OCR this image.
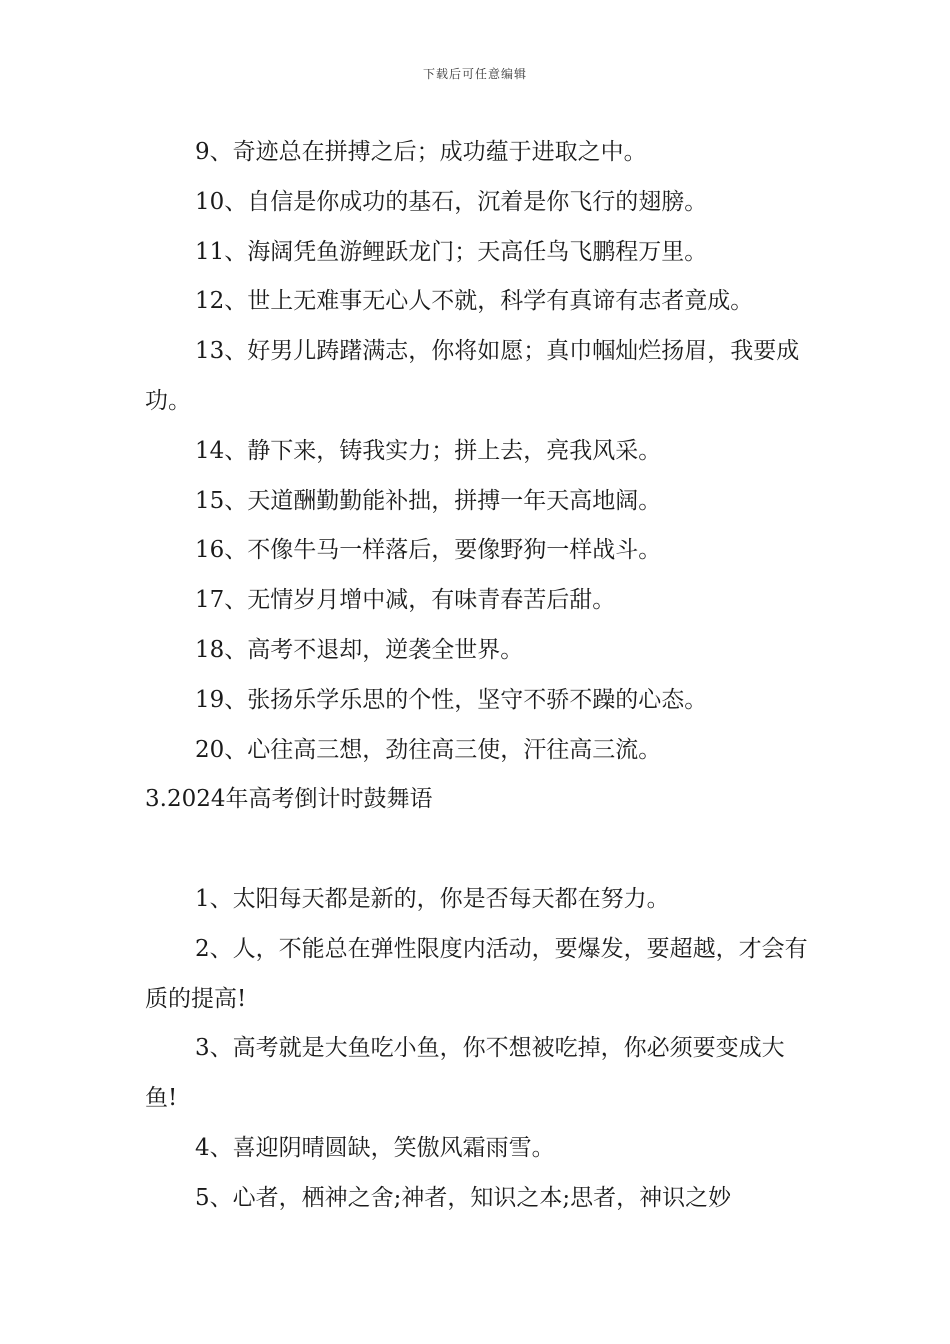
下载后可任意编辑

9、奇迹总在拼搏之后；成功蕴于进取之中。

10、自信是你成功的基石，沉着是你飞行的翅膀。

11、海阔凭鱼游鲤跃龙门；天高任鸟飞鹏程万里。

12、世上无难事无心人不就，科学有真谛有志者竟成。

13、好男儿踌躇满志，你将如愿；真巾帼灿烂扬眉，我要成功。

14、静下来，铸我实力；拼上去，亮我风采。

15、天道酬勤勤能补拙，拼搏一年天高地阔。

16、不像牛马一样落后，要像野狗一样战斗。

17、无情岁月增中减，有味青春苦后甜。

18、高考不退却，逆袭全世界。

19、张扬乐学乐思的个性，坚守不骄不躁的心态。

20、心往高三想，劲往高三使，汗往高三流。

3.2024年高考倒计时鼓舞语

1、太阳每天都是新的，你是否每天都在努力。

2、人，不能总在弹性限度内活动，要爆发，要超越，才会有质的提高!

3、高考就是大鱼吃小鱼，你不想被吃掉，你必须要变成大鱼!

4、喜迎阴晴圆缺，笑傲风霜雨雪。

5、心者，栖神之舍;神者，知识之本;思者，神识之妙
